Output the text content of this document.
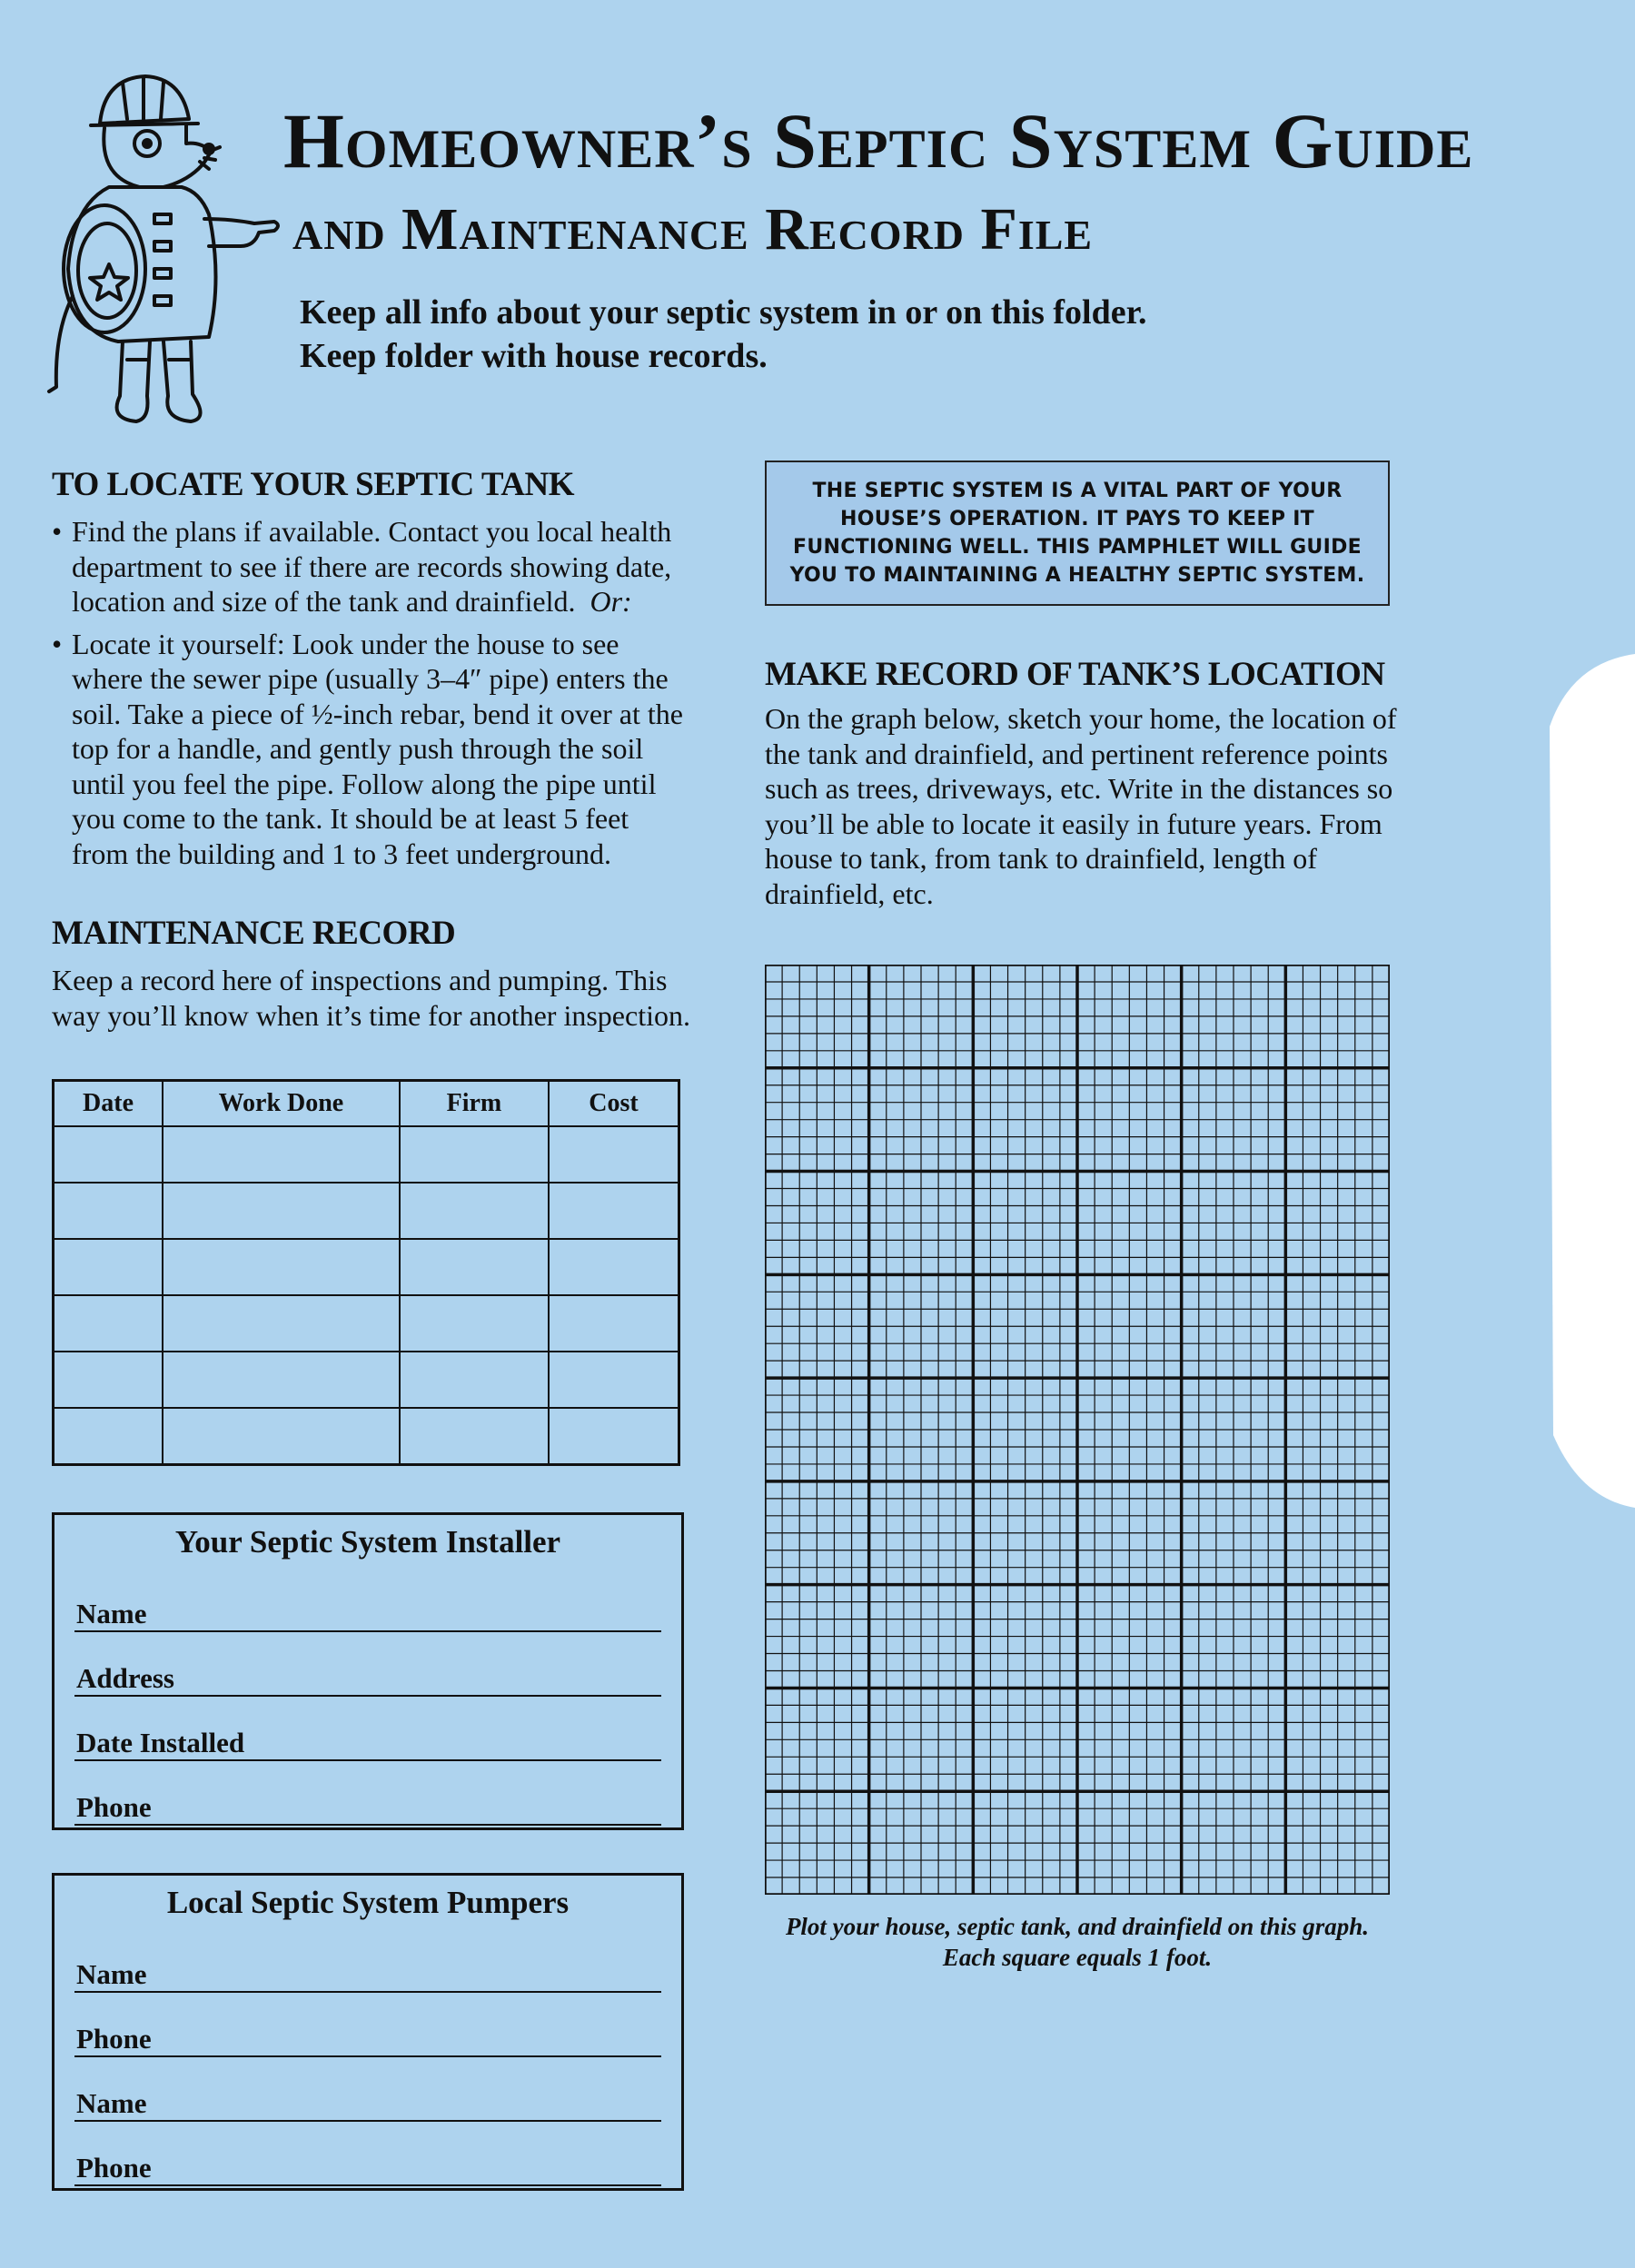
Homeowner’s Septic System Guide
and Maintenance Record File
Keep all info about your septic system in or on this folder.
Keep folder with house records.
TO LOCATE YOUR SEPTIC TANK
• Find the plans if available. Contact you local health department to see if there are records showing date, location and size of the tank and drainfield. Or:
• Locate it yourself: Look under the house to see where the sewer pipe (usually 3–4″ pipe) enters the soil. Take a piece of ½-inch rebar, bend it over at the top for a handle, and gently push through the soil until you feel the pipe. Follow along the pipe until you come to the tank. It should be at least 5 feet from the building and 1 to 3 feet underground.
MAINTENANCE RECORD
Keep a record here of inspections and pumping. This way you’ll know when it’s time for another inspection.
Date	Work Done	Firm	Cost

Your Septic System Installer
Name
Address
Date Installed
Phone
Local Septic System Pumpers
Name
Phone
Name
Phone
THE SEPTIC SYSTEM IS A VITAL PART OF YOUR HOUSE’S OPERATION. IT PAYS TO KEEP IT FUNCTIONING WELL. THIS PAMPHLET WILL GUIDE YOU TO MAINTAINING A HEALTHY SEPTIC SYSTEM.
MAKE RECORD OF TANK’S LOCATION
On the graph below, sketch your home, the location of the tank and drainfield, and pertinent reference points such as trees, driveways, etc. Write in the distances so you’ll be able to locate it easily in future years. From house to tank, from tank to drainfield, length of drainfield, etc.
Plot your house, septic tank, and drainfield on this graph.
Each square equals 1 foot.
